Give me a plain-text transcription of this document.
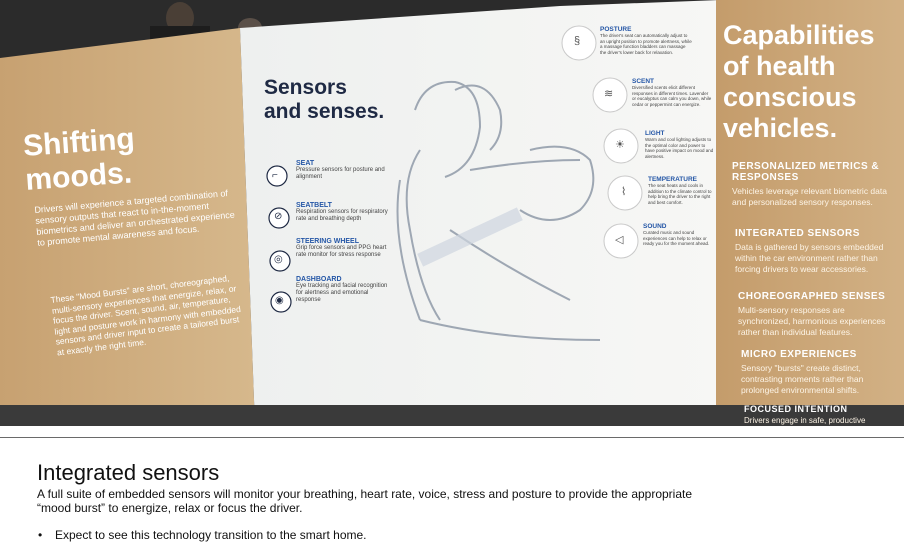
Shifting
moods.
Drivers will experience a targeted combination of sensory outputs that react to in-the-moment biometrics and deliver an orchestrated experience to promote mental awareness and focus.
These "Mood Bursts" are short, choreographed, multi-sensory experiences that energize, relax, or focus the driver. Scent, sound, air, temperature, light and posture work in harmony with embedded sensors and driver input to create a tailored burst at exactly the right time.
Sensors
and senses.
SEAT
Pressure sensors for posture and alignment
SEATBELT
Respiration sensors for respiratory rate and breathing depth
STEERING WHEEL
Grip force sensors and PPG heart rate monitor for stress response
DASHBOARD
Eye tracking and facial recognition for alertness and emotional response
⌐
⊘
◎
◉
POSTURE
The driver's seat can automatically adjust to an upright position to promote alertness, while a massage function bladders can massage the driver's lower back for relaxation.
SCENT
Diversified scents elicit different responses in different times. Lavender or eucalyptus can calm you down, while cedar or peppermint can energize.
LIGHT
Warm and cool lighting adjusts to the optimal color and power to have positive impact on mood and alertness.
TEMPERATURE
The seat heats and cools in addition to the climate control to help bring the driver to the right and best comfort.
SOUND
Curated music and sound experiences can help to relax or ready you for the moment ahead.
§
≋
☀
⌇
◁
Capabilities
of health
conscious
vehicles.
PERSONALIZED METRICS & RESPONSES
Vehicles leverage relevant biometric data and personalized sensory responses.
INTEGRATED SENSORS
Data is gathered by sensors embedded within the car environment rather than forcing drivers to wear accessories.
CHOREOGRAPHED SENSES
Multi-sensory responses are synchronized, harmonious experiences rather than individual features.
MICRO EXPERIENCES
Sensory "bursts" create distinct, contrasting moments rather than prolonged environmental shifts.
FOCUSED INTENTION
Drivers engage in safe, productive
Integrated sensors
A full suite of embedded sensors will monitor your breathing, heart rate, voice, stress and posture to provide the appropriate “mood burst” to energize, relax or focus the driver.
• Expect to see this technology transition to the smart home.
